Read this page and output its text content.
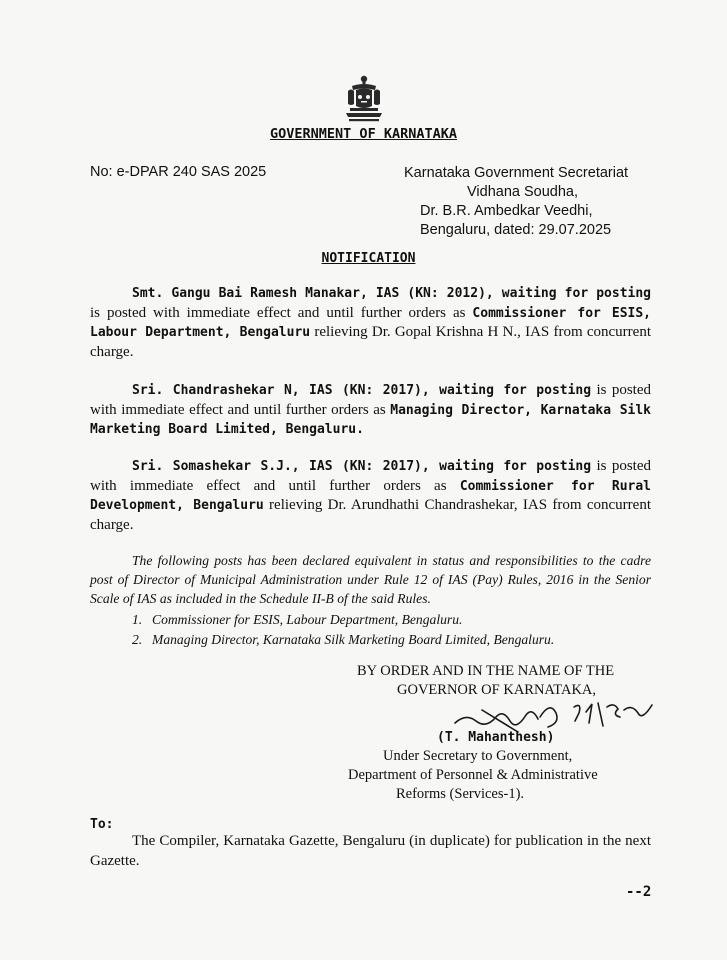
GOVERNMENT OF KARNATAKA
No: e-DPAR 240 SAS 2025	Karnataka Government Secretariat
Vidhana Soudha,
Dr. B.R. Ambedkar Veedhi,
Bengaluru, dated: 29.07.2025
NOTIFICATION
Smt. Gangu Bai Ramesh Manakar, IAS (KN: 2012), waiting for posting is posted with immediate effect and until further orders as Commissioner for ESIS, Labour Department, Bengaluru relieving Dr. Gopal Krishna H N., IAS from concurrent charge.
Sri. Chandrashekar N, IAS (KN: 2017), waiting for posting is posted with immediate effect and until further orders as Managing Director, Karnataka Silk Marketing Board Limited, Bengaluru.
Sri. Somashekar S.J., IAS (KN: 2017), waiting for posting is posted with immediate effect and until further orders as Commissioner for Rural Development, Bengaluru relieving Dr. Arundhathi Chandrashekar, IAS from concurrent charge.
The following posts has been declared equivalent in status and responsibilities to the cadre post of Director of Municipal Administration under Rule 12 of IAS (Pay) Rules, 2016 in the Senior Scale of IAS as included in the Schedule II-B of the said Rules.
1. Commissioner for ESIS, Labour Department, Bengaluru.
2. Managing Director, Karnataka Silk Marketing Board Limited, Bengaluru.
BY ORDER AND IN THE NAME OF THE
GOVERNOR OF KARNATAKA,
(T. Mahanthesh)
Under Secretary to Government,
Department of Personnel & Administrative
Reforms (Services-1).
To:
The Compiler, Karnataka Gazette, Bengaluru (in duplicate) for publication in the next Gazette.
--2
